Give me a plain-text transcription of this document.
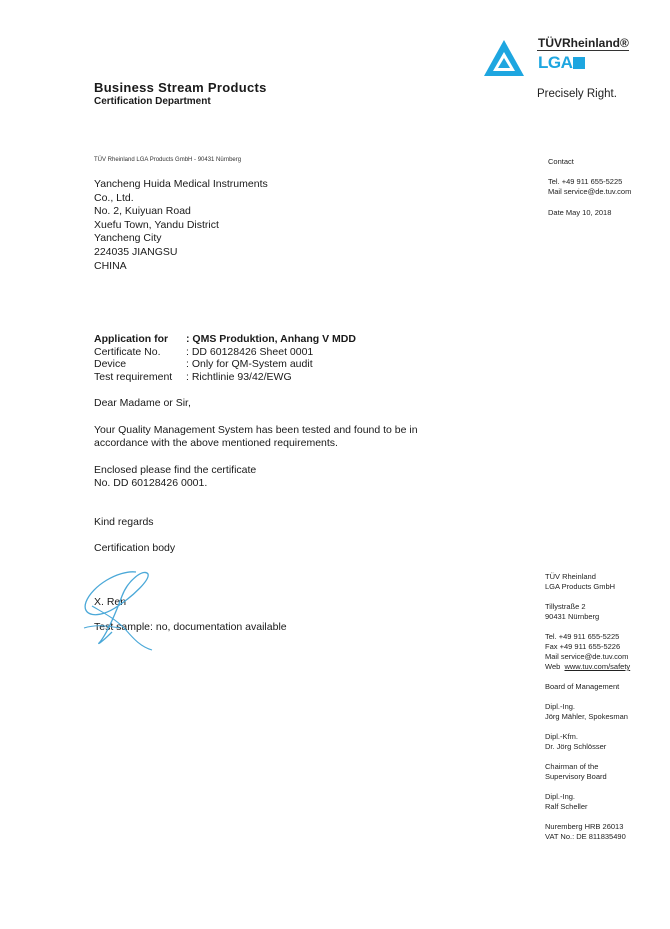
TÜVRheinland®
LGA
Precisely Right.
Business Stream Products
Certification Department
TÜV Rheinland LGA Products GmbH - 90431 Nürnberg
Yancheng Huida Medical Instruments
Co., Ltd.
No. 2, Kuiyuan Road
Xuefu Town, Yandu District
Yancheng City
224035 JIANGSU
CHINA
Contact
Tel. +49 911 655-5225
Mail service@de.tuv.com
Date May 10, 2018
Application for	: QMS Produktion, Anhang V MDD
Certificate No.	: DD 60128426 Sheet 0001
Device	: Only for QM-System audit
Test requirement	: Richtlinie 93/42/EWG
Dear Madame or Sir,
Your Quality Management System has been tested and found to be in
accordance with the above mentioned requirements.
Enclosed please find the certificate
No. DD 60128426 0001.
Kind regards
Certification body
X. Ren
Test sample: no, documentation available
TÜV Rheinland
LGA Products GmbH
Tillystraße 2
90431 Nürnberg
Tel. +49 911 655-5225
Fax +49 911 655-5226
Mail service@de.tuv.com
Web www.tuv.com/safety
Board of Management
Dipl.-Ing.
Jörg Mähler, Spokesman
Dipl.-Kfm.
Dr. Jörg Schlösser
Chairman of the
Supervisory Board
Dipl.-Ing.
Ralf Scheller
Nuremberg HRB 26013
VAT No.: DE 811835490
